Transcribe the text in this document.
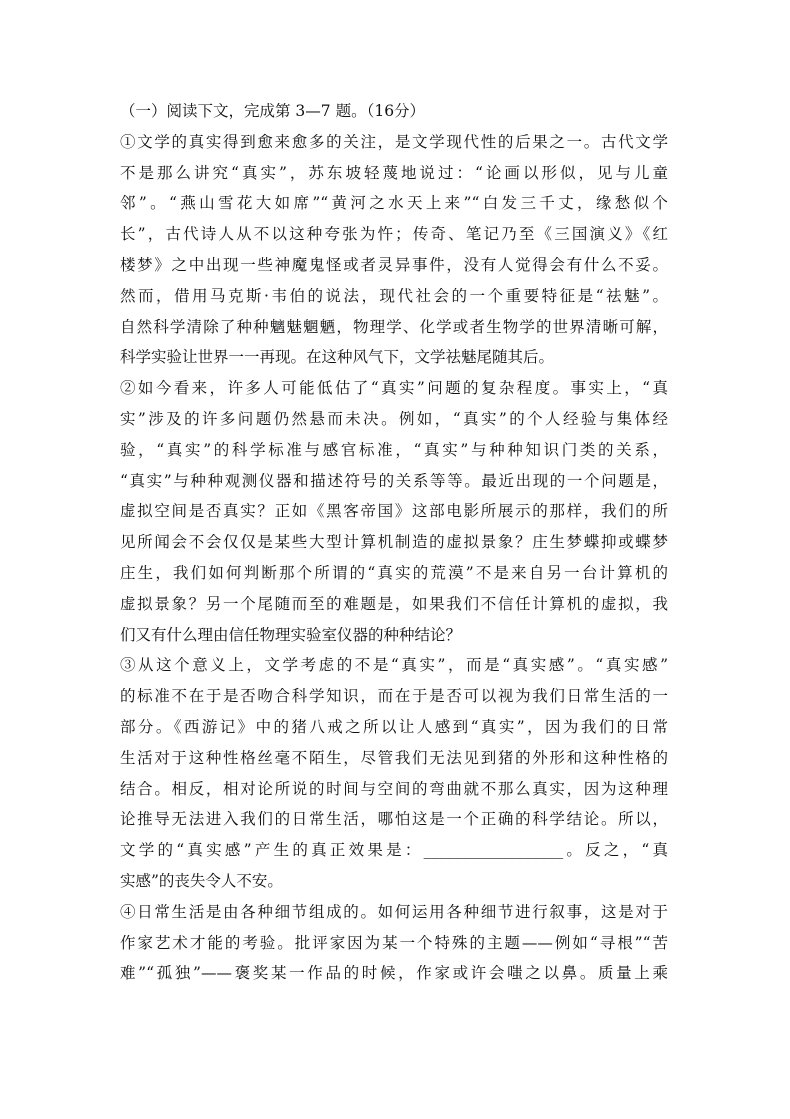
（一）阅读下文，完成第 3—7 题。（16分）
①文学的真实得到愈来愈多的关注，是文学现代性的后果之一。古代文学
不是那么讲究“真实”，苏东坡轻蔑地说过：“论画以形似，见与儿童
邻”。“燕山雪花大如席”“黄河之水天上来”“白发三千丈，缘愁似个
长”，古代诗人从不以这种夸张为忤；传奇、笔记乃至《三国演义》《红
楼梦》之中出现一些神魔鬼怪或者灵异事件，没有人觉得会有什么不妥。
然而，借用马克斯·韦伯的说法，现代社会的一个重要特征是“祛魅”。
自然科学清除了种种魑魅魍魉，物理学、化学或者生物学的世界清晰可解，
科学实验让世界一一再现。在这种风气下，文学祛魅尾随其后。
②如今看来，许多人可能低估了“真实”问题的复杂程度。事实上，“真
实”涉及的许多问题仍然悬而未决。例如，“真实”的个人经验与集体经
验，“真实”的科学标准与感官标准，“真实”与种种知识门类的关系，
“真实”与种种观测仪器和描述符号的关系等等。最近出现的一个问题是，
虚拟空间是否真实？正如《黑客帝国》这部电影所展示的那样，我们的所
见所闻会不会仅仅是某些大型计算机制造的虚拟景象？庄生梦蝶抑或蝶梦
庄生，我们如何判断那个所谓的“真实的荒漠”不是来自另一台计算机的
虚拟景象？另一个尾随而至的难题是，如果我们不信任计算机的虚拟，我
们又有什么理由信任物理实验室仪器的种种结论？
③从这个意义上，文学考虑的不是“真实”，而是“真实感”。“真实感”
的标准不在于是否吻合科学知识，而在于是否可以视为我们日常生活的一
部分。《西游记》中的猪八戒之所以让人感到“真实”，因为我们的日常
生活对于这种性格丝毫不陌生，尽管我们无法见到猪的外形和这种性格的
结合。相反，相对论所说的时间与空间的弯曲就不那么真实，因为这种理
论推导无法进入我们的日常生活，哪怕这是一个正确的科学结论。所以，
文学的“真实感”产生的真正效果是：__________________。反之，“真
实感”的丧失令人不安。
④日常生活是由各种细节组成的。如何运用各种细节进行叙事，这是对于
作家艺术才能的考验。批评家因为某一个特殊的主题——例如“寻根”“苦
难”“孤独”——褒奖某一作品的时候，作家或许会嗤之以鼻。质量上乘
